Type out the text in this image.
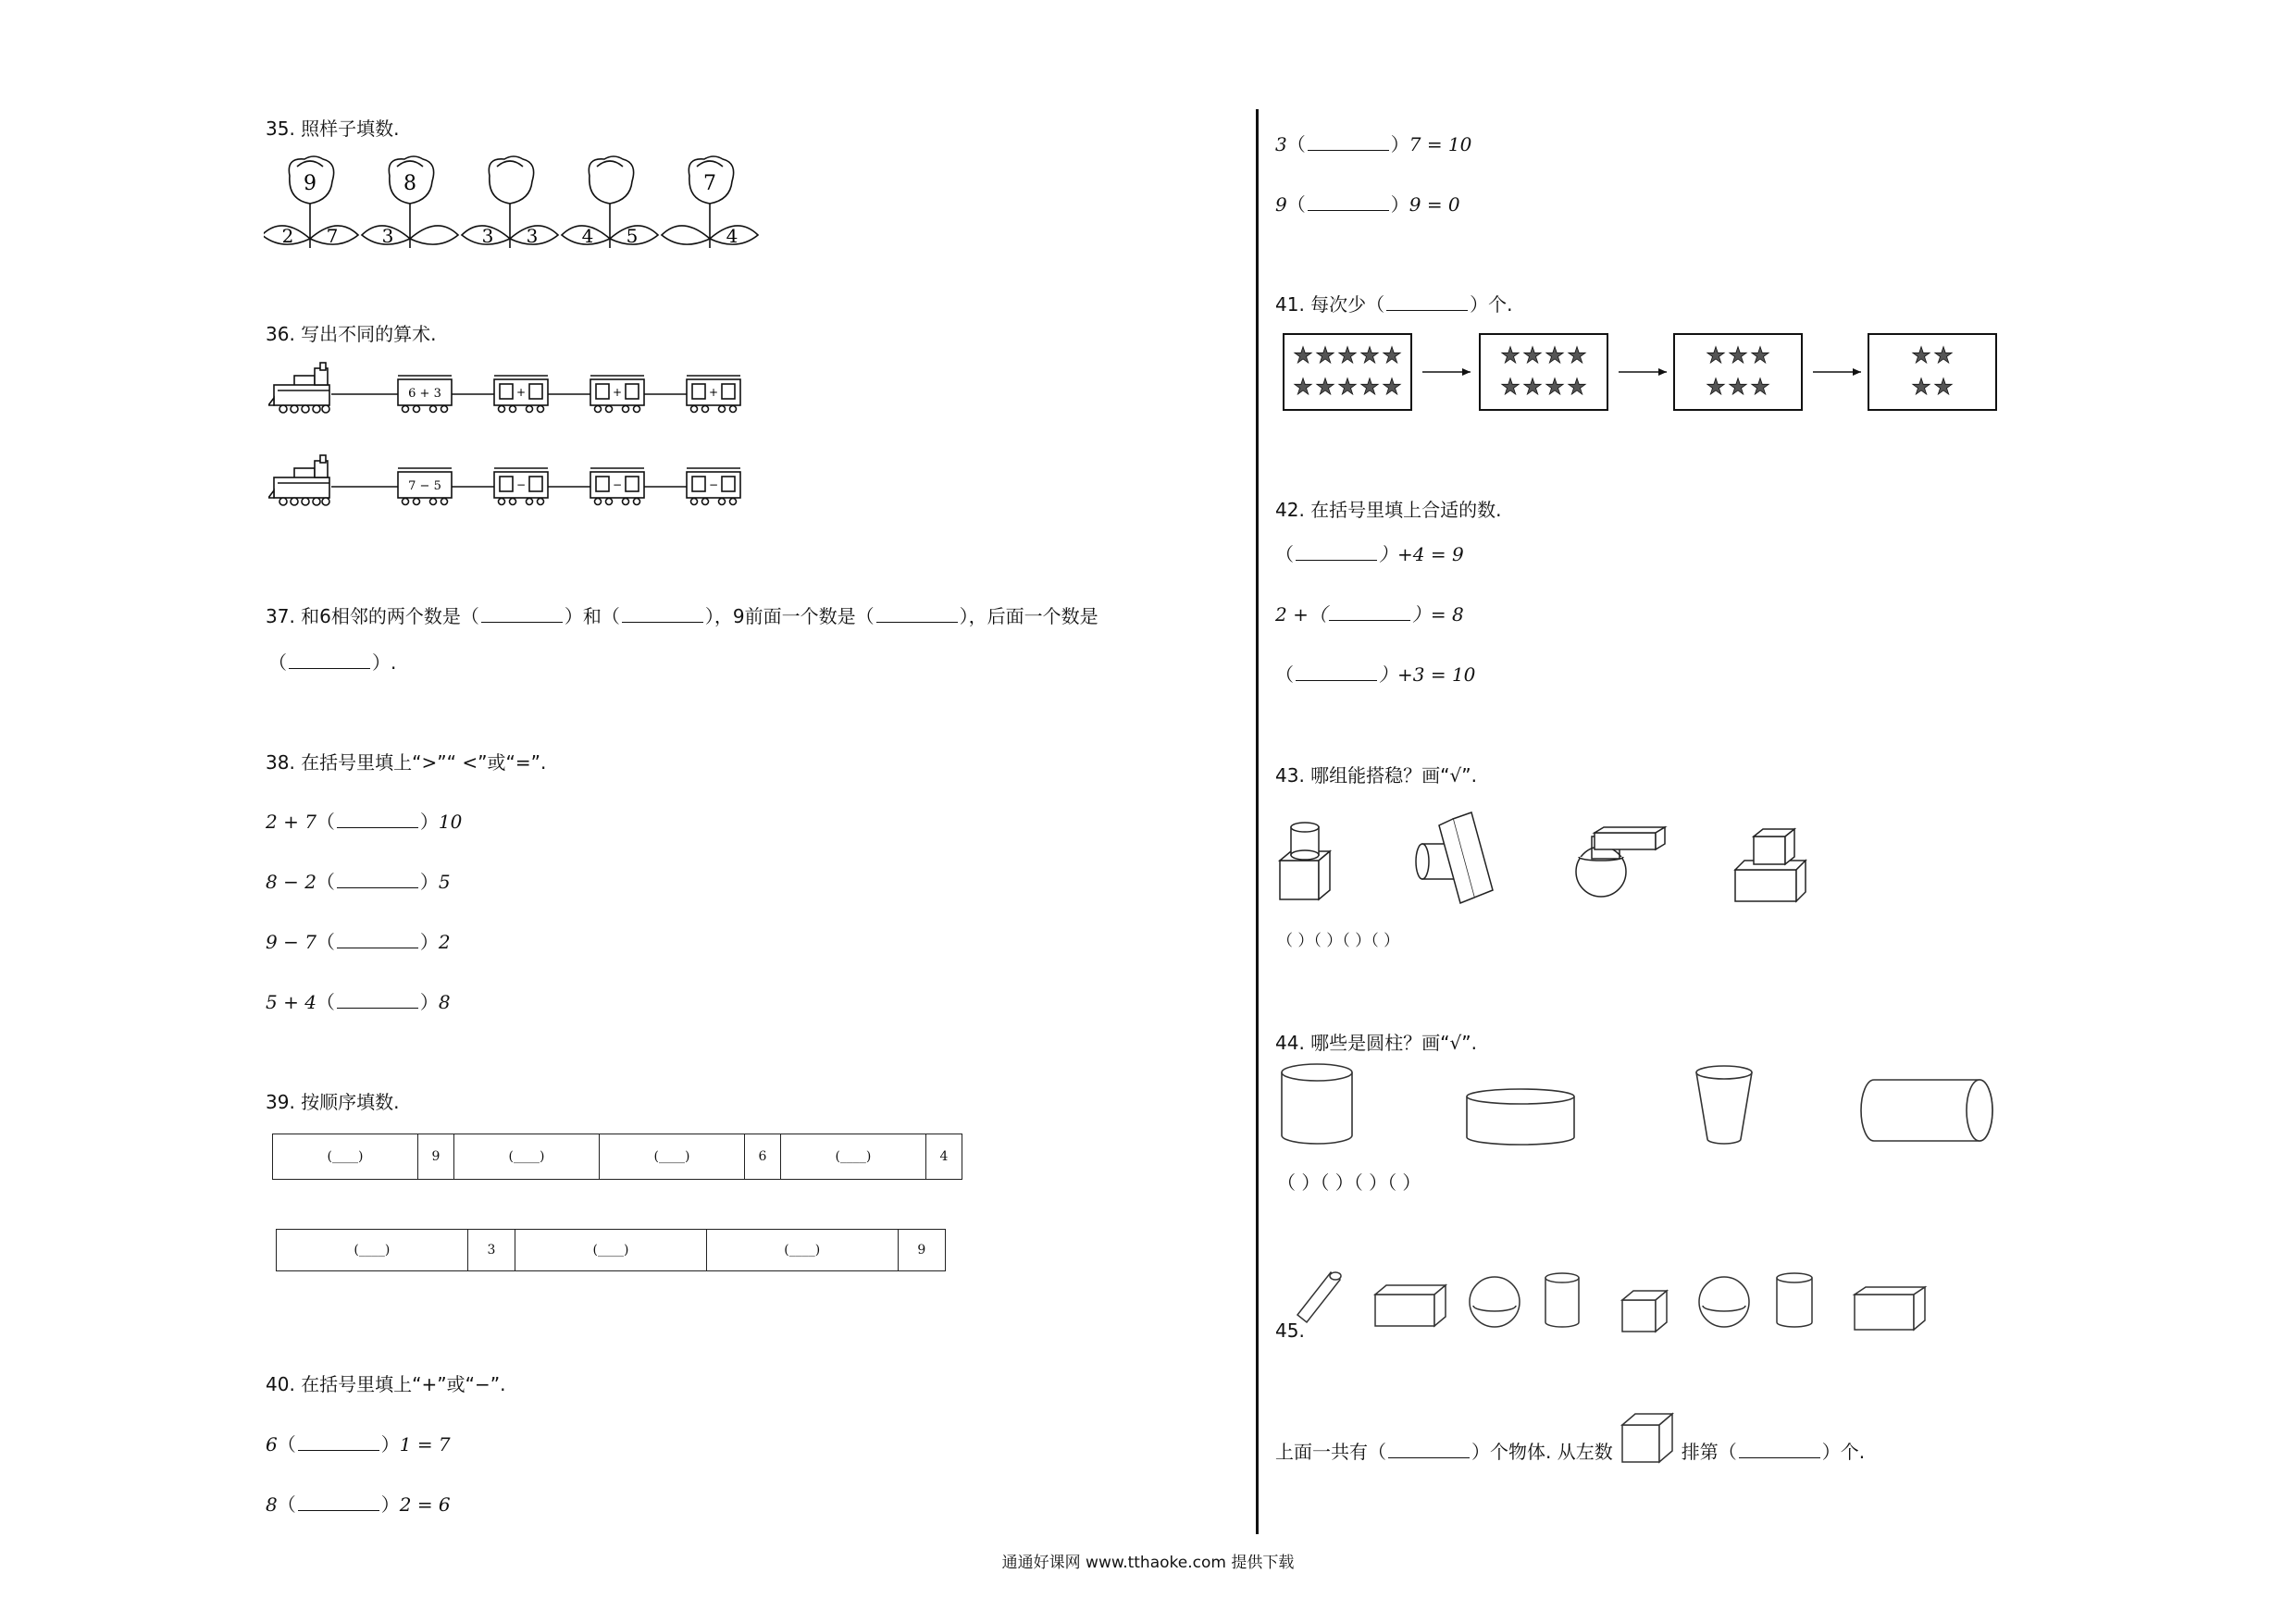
35. 照样子填数.
9
2 7
8
3	3 3 4 5
7
4
36. 写出不同的算术.
6 + 3	+	+	+
7 − 5	−	−	−
37. 和6相邻的两个数是（	）和（	），9前面一个数是（	），后面一个数是
（	）.
38. 在括号里填上“>”“ <”或“=”.
2 + 7（	）10
8 − 2（	）5
9 − 7（	）2
5 + 4（	）8
39. 按顺序填数.
(____)	9	(____)	(____)	6	(____)	4
(____)	3	(____)	(____)	9
40. 在括号里填上“+”或“−”.
6（	）1 = 7
8（	）2 = 6
3（	）7 = 10
9（	）9 = 0
41. 每次少（	）个.
★ ★ ★ ★ ★
★ ★ ★ ★ ★
★ ★ ★ ★
★ ★ ★ ★
★ ★ ★
★ ★ ★
★ ★
★ ★
42. 在括号里填上合适的数.
（	）+4 = 9
2 +（	）= 8
（	）+3 = 10
43. 哪组能搭稳？画“√”.
（ ）（ ）（ ）（ ）
44. 哪些是圆柱？画“√”.
（ ）（ ）（ ）（ ）
45.
上面一共有（	）个物体. 从左数	排第（	）个.
通通好课网 www.tthaoke.com 提供下载
